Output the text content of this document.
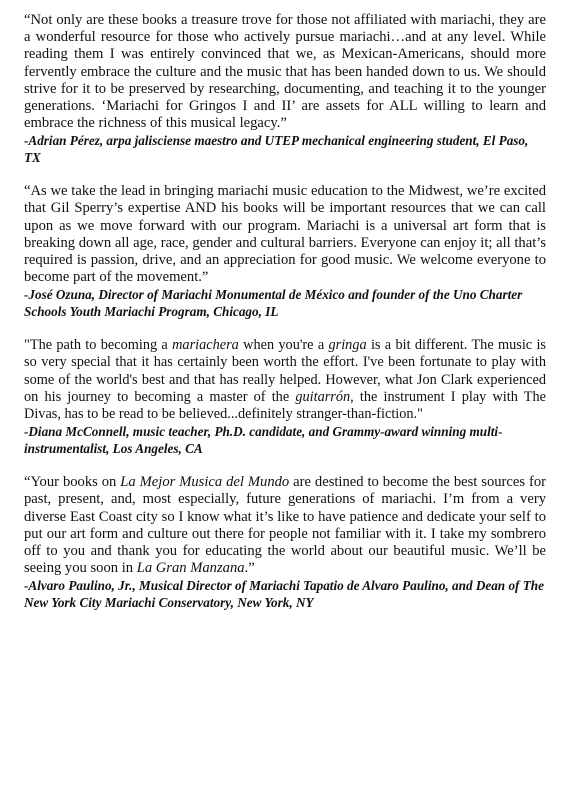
“Not only are these books a treasure trove for those not affiliated with mariachi, they are a wonderful resource for those who actively pursue mariachi…and at any level. While reading them I was entirely convinced that we, as Mexican-Americans, should more fervently embrace the culture and the music that has been handed down to us. We should strive for it to be preserved by researching, documenting, and teaching it to the younger generations. ‘Mariachi for Gringos I and II’ are assets for ALL willing to learn and embrace the richness of this musical legacy.”

-Adrian Pérez, arpa jalisciense maestro and UTEP mechanical engineering student, El Paso, TX

“As we take the lead in bringing mariachi music education to the Midwest, we’re excited that Gil Sperry’s expertise AND his books will be important resources that we can call upon as we move forward with our program. Mariachi is a universal art form that is breaking down all age, race, gender and cultural barriers. Everyone can enjoy it; all that’s required is passion, drive, and an appreciation for good music. We welcome everyone to become part of the movement.”

-José Ozuna, Director of Mariachi Monumental de México and founder of the Uno Charter Schools Youth Mariachi Program, Chicago, IL

"The path to becoming a mariachera when you're a gringa is a bit different. The music is so very special that it has certainly been worth the effort. I've been fortunate to play with some of the world's best and that has really helped. However, what Jon Clark experienced on his journey to becoming a master of the guitarrón, the instrument I play with The Divas, has to be read to be believed...definitely stranger-than-fiction."

-Diana McConnell, music teacher, Ph.D. candidate, and Grammy-award winning multi-instrumentalist, Los Angeles, CA

“Your books on La Mejor Musica del Mundo are destined to become the best sources for past, present, and, most especially, future generations of mariachi. I’m from a very diverse East Coast city so I know what it’s like to have patience and dedicate your self to put our art form and culture out there for people not familiar with it. I take my sombrero off to you and thank you for educating the world about our beautiful music. We’ll be seeing you soon in La Gran Manzana.”

-Alvaro Paulino, Jr., Musical Director of Mariachi Tapatio de Alvaro Paulino, and Dean of The New York City Mariachi Conservatory, New York, NY
